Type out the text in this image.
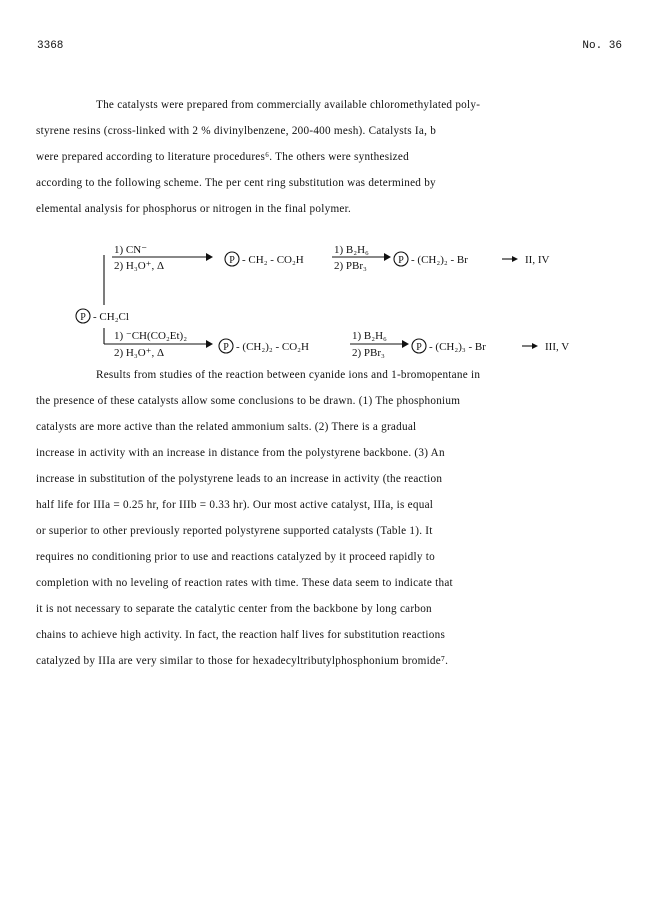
3368	No. 36
The catalysts were prepared from commercially available chloromethylated poly-
styrene resins (cross-linked with 2 % divinylbenzene, 200-400 mesh). Catalysts Ia, b
were prepared according to literature procedures⁶. The others were synthesized
according to the following scheme. The per cent ring substitution was determined by
elemental analysis for phosphorus or nitrogen in the final polymer.
1) CN⁻
2) H₃O⁺, Δ	P - CH₂ - CO₂H
1) B₂H₆
2) PBr₃	P - (CH₂)₂ - Br	II, IV
P - CH₂Cl
1) ⁻CH(CO₂Et)₂
2) H₃O⁺, Δ	P - (CH₂)₂ - CO₂H
1) B₂H₆
2) PBr₃	P - (CH₂)₃ - Br	III, V
Results from studies of the reaction between cyanide ions and 1-bromopentane in
the presence of these catalysts allow some conclusions to be drawn. (1) The phosphonium
catalysts are more active than the related ammonium salts. (2) There is a gradual
increase in activity with an increase in distance from the polystyrene backbone. (3) An
increase in substitution of the polystyrene leads to an increase in activity (the reaction
half life for IIIa = 0.25 hr, for IIIb = 0.33 hr). Our most active catalyst, IIIa, is equal
or superior to other previously reported polystyrene supported catalysts (Table 1). It
requires no conditioning prior to use and reactions catalyzed by it proceed rapidly to
completion with no leveling of reaction rates with time. These data seem to indicate that
it is not necessary to separate the catalytic center from the backbone by long carbon
chains to achieve high activity. In fact, the reaction half lives for substitution reactions
catalyzed by IIIa are very similar to those for hexadecyltributylphosphonium bromide⁷.
